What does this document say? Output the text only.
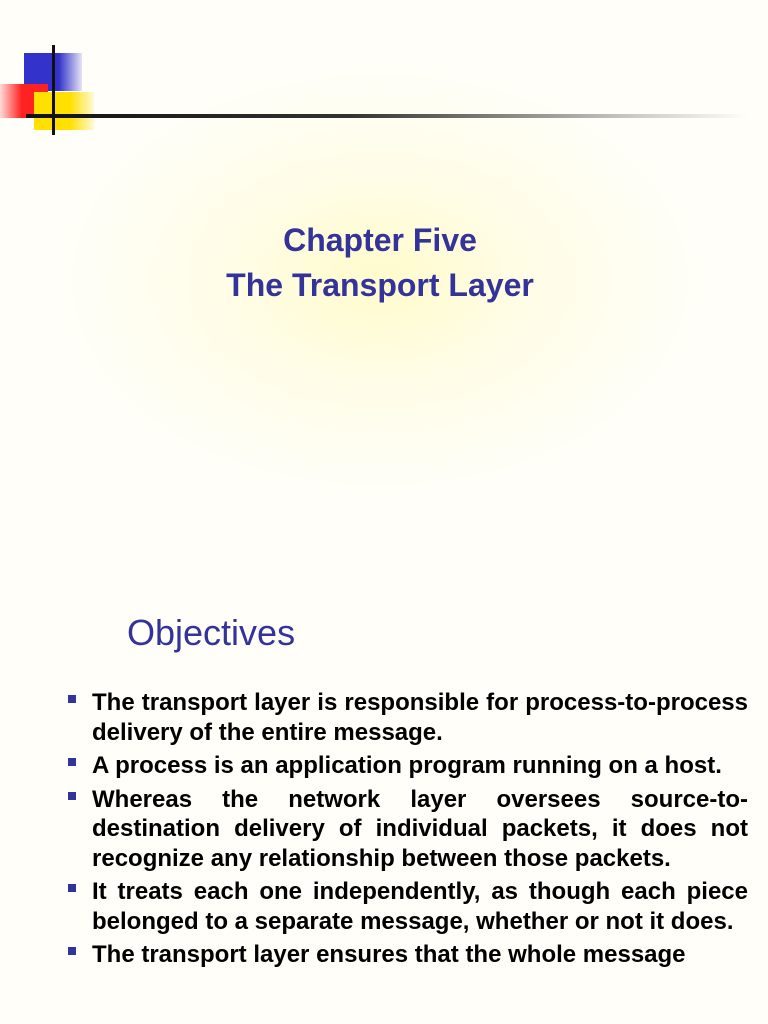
Chapter Five
The Transport Layer
Objectives
The transport layer is responsible for process-to-process delivery of the entire message.
A process is an application program running on a host.
Whereas the network layer oversees source-to-destination delivery of individual packets, it does not recognize any relationship between those packets.
It treats each one independently, as though each piece belonged to a separate message, whether or not it does.
The transport layer ensures that the whole message
